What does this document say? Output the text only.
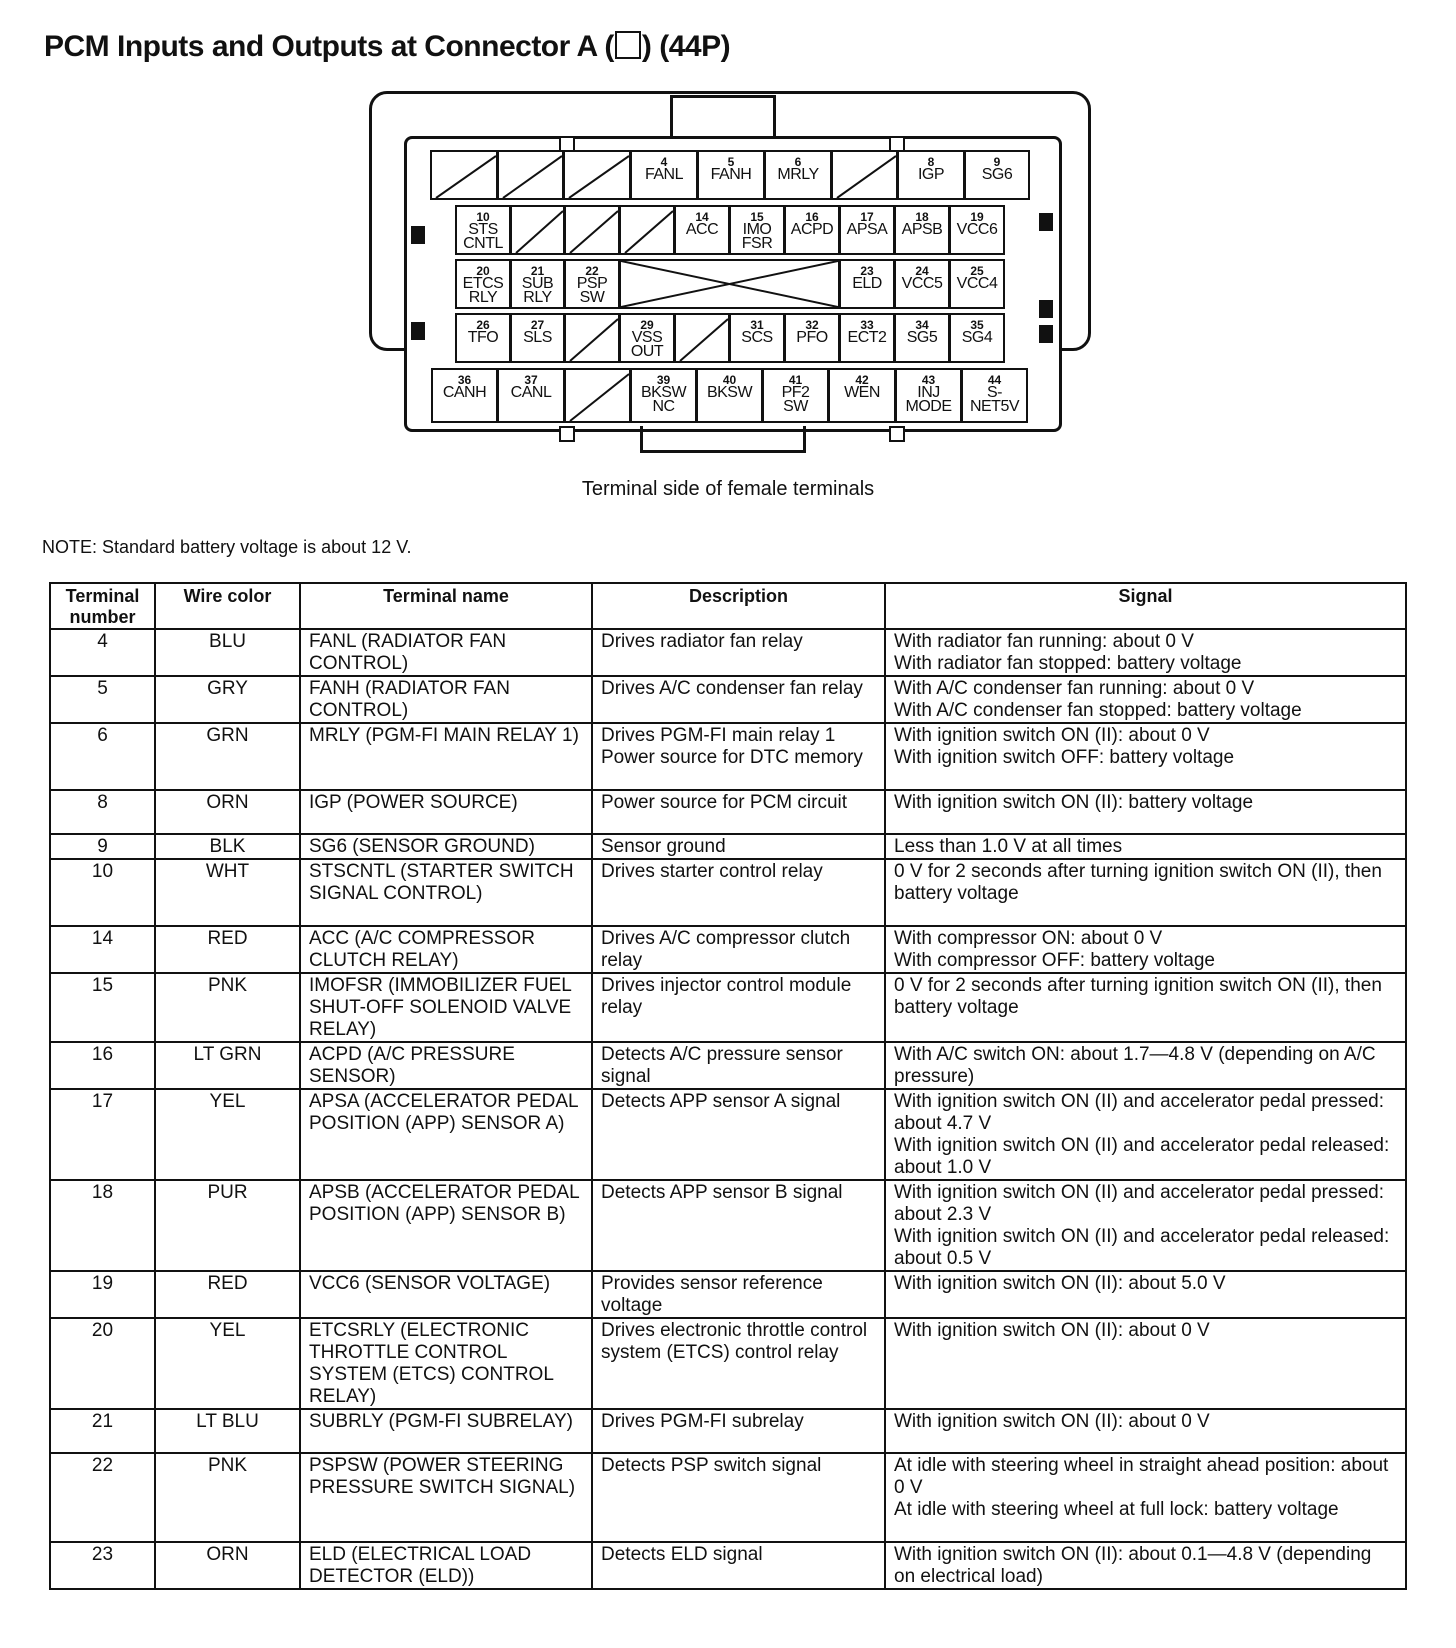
PCM Inputs and Outputs at Connector A ( ) (44P)
4
FANL
5
FANH
6
MRLY
8
IGP
9
SG6
10
STS
CNTL
14
ACC
15
IMO
FSR
16
ACPD
17
APSA
18
APSB
19
VCC6
20
ETCS
RLY
21
SUB
RLY
22
PSP
SW
23
ELD
24
VCC5
25
VCC4
26
TFO
27
SLS
29
VSS
OUT
31
SCS
32
PFO
33
ECT2
34
SG5
35
SG4
36
CANH
37
CANL
39
BKSW
NC
40
BKSW
41
PF2
SW
42
WEN
43
INJ
MODE
44
S-
NET5V
Terminal side of female terminals
NOTE: Standard battery voltage is about 12 V.
Terminal number	Wire color	Terminal name	Description	Signal
4	BLU	FANL (RADIATOR FAN CONTROL)	Drives radiator fan relay	With radiator fan running: about 0 V
With radiator fan stopped: battery voltage
5	GRY	FANH (RADIATOR FAN CONTROL)	Drives A/C condenser fan relay	With A/C condenser fan running: about 0 V
With A/C condenser fan stopped: battery voltage
6	GRN	MRLY (PGM-FI MAIN RELAY 1)	Drives PGM-FI main relay 1 Power source for DTC memory	With ignition switch ON (II): about 0 V
With ignition switch OFF: battery voltage
8	ORN	IGP (POWER SOURCE)	Power source for PCM circuit	With ignition switch ON (II): battery voltage
9	BLK	SG6 (SENSOR GROUND)	Sensor ground	Less than 1.0 V at all times
10	WHT	STSCNTL (STARTER SWITCH SIGNAL CONTROL)	Drives starter control relay	0 V for 2 seconds after turning ignition switch ON (II), then battery voltage
14	RED	ACC (A/C COMPRESSOR CLUTCH RELAY)	Drives A/C compressor clutch relay	With compressor ON: about 0 V
With compressor OFF: battery voltage
15	PNK	IMOFSR (IMMOBILIZER FUEL SHUT-OFF SOLENOID VALVE RELAY)	Drives injector control module relay	0 V for 2 seconds after turning ignition switch ON (II), then battery voltage
16	LT GRN	ACPD (A/C PRESSURE SENSOR)	Detects A/C pressure sensor signal	With A/C switch ON: about 1.7—4.8 V (depending on A/C pressure)
17	YEL	APSA (ACCELERATOR PEDAL POSITION (APP) SENSOR A)	Detects APP sensor A signal	With ignition switch ON (II) and accelerator pedal pressed: about 4.7 V
With ignition switch ON (II) and accelerator pedal released: about 1.0 V
18	PUR	APSB (ACCELERATOR PEDAL POSITION (APP) SENSOR B)	Detects APP sensor B signal	With ignition switch ON (II) and accelerator pedal pressed: about 2.3 V
With ignition switch ON (II) and accelerator pedal released: about 0.5 V
19	RED	VCC6 (SENSOR VOLTAGE)	Provides sensor reference voltage	With ignition switch ON (II): about 5.0 V
20	YEL	ETCSRLY (ELECTRONIC THROTTLE CONTROL SYSTEM (ETCS) CONTROL RELAY)	Drives electronic throttle control system (ETCS) control relay	With ignition switch ON (II): about 0 V
21	LT BLU	SUBRLY (PGM-FI SUBRELAY)	Drives PGM-FI subrelay	With ignition switch ON (II): about 0 V
22	PNK	PSPSW (POWER STEERING PRESSURE SWITCH SIGNAL)	Detects PSP switch signal	At idle with steering wheel in straight ahead position: about 0 V
At idle with steering wheel at full lock: battery voltage
23	ORN	ELD (ELECTRICAL LOAD DETECTOR (ELD))	Detects ELD signal	With ignition switch ON (II): about 0.1—4.8 V (depending on electrical load)
